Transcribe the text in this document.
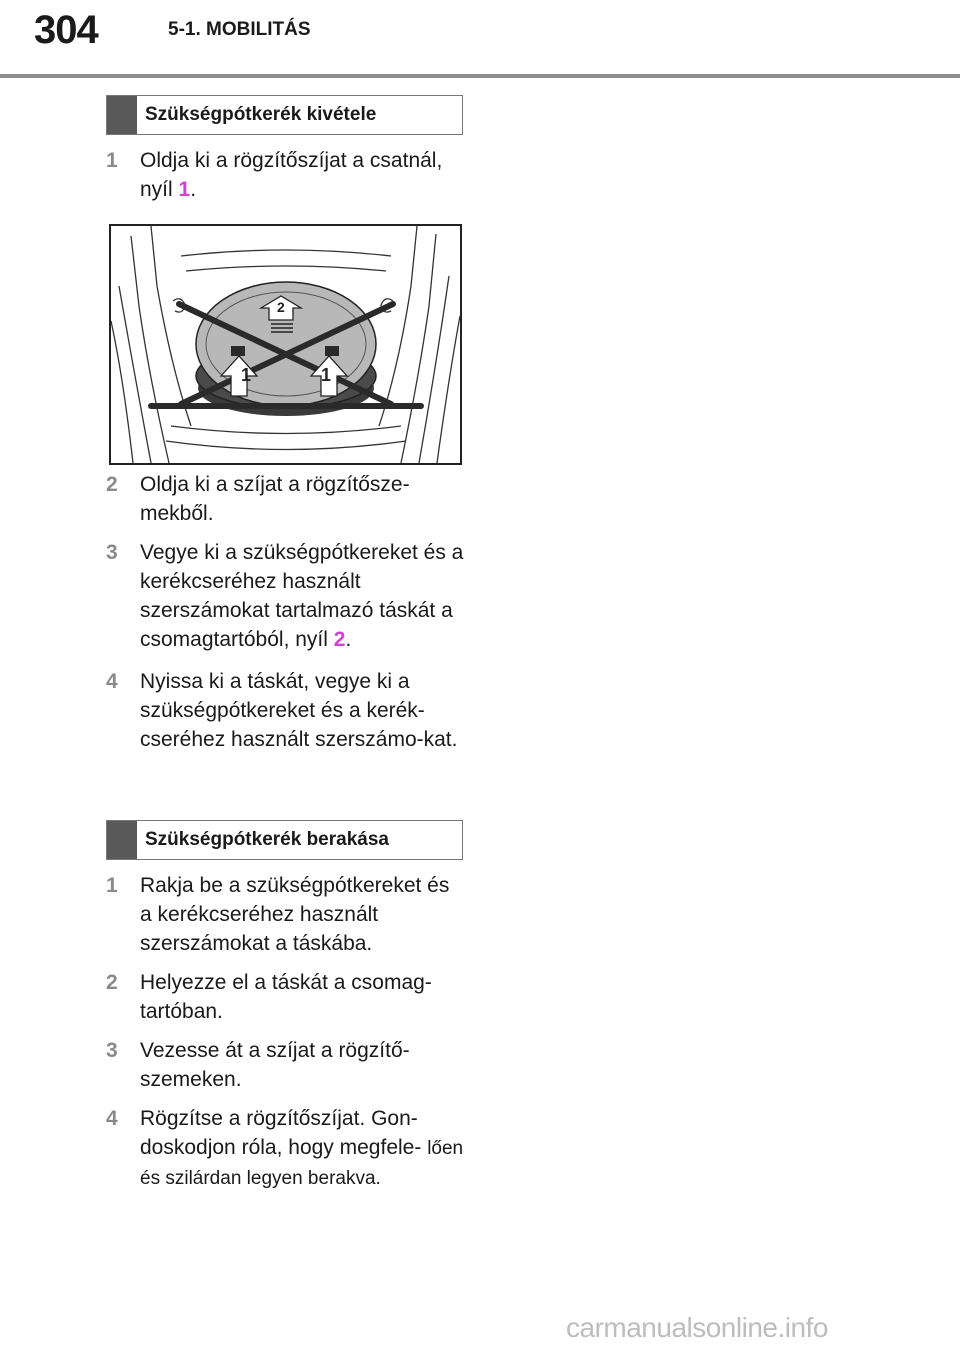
304	5-1. MOBILITÁS
Szükségpótkerék kivétele
1	Oldja ki a rögzítőszíjat a csatnál, nyíl 1.
2
1	1
2	Oldja ki a szíjat a rögzítősze-mekből.
3	Vegye ki a szükségpótkereket és a kerékcseréhez használt szerszámokat tartalmazó táskát a csomagtartóból, nyíl 2.
4	Nyissa ki a táskát, vegye ki a szükségpótkereket és a kerék-cseréhez használt szerszámo-kat.
Szükségpótkerék berakása
1	Rakja be a szükségpótkereket és a kerékcseréhez használt szerszámokat a táskába.
2	Helyezze el a táskát a csomag-tartóban.
3	Vezesse át a szíjat a rögzítő-szemeken.
4	Rögzítse a rögzítőszíjat. Gon-doskodjon róla, hogy megfele- lően és szilárdan legyen berakva.
carmanualsonline.info
